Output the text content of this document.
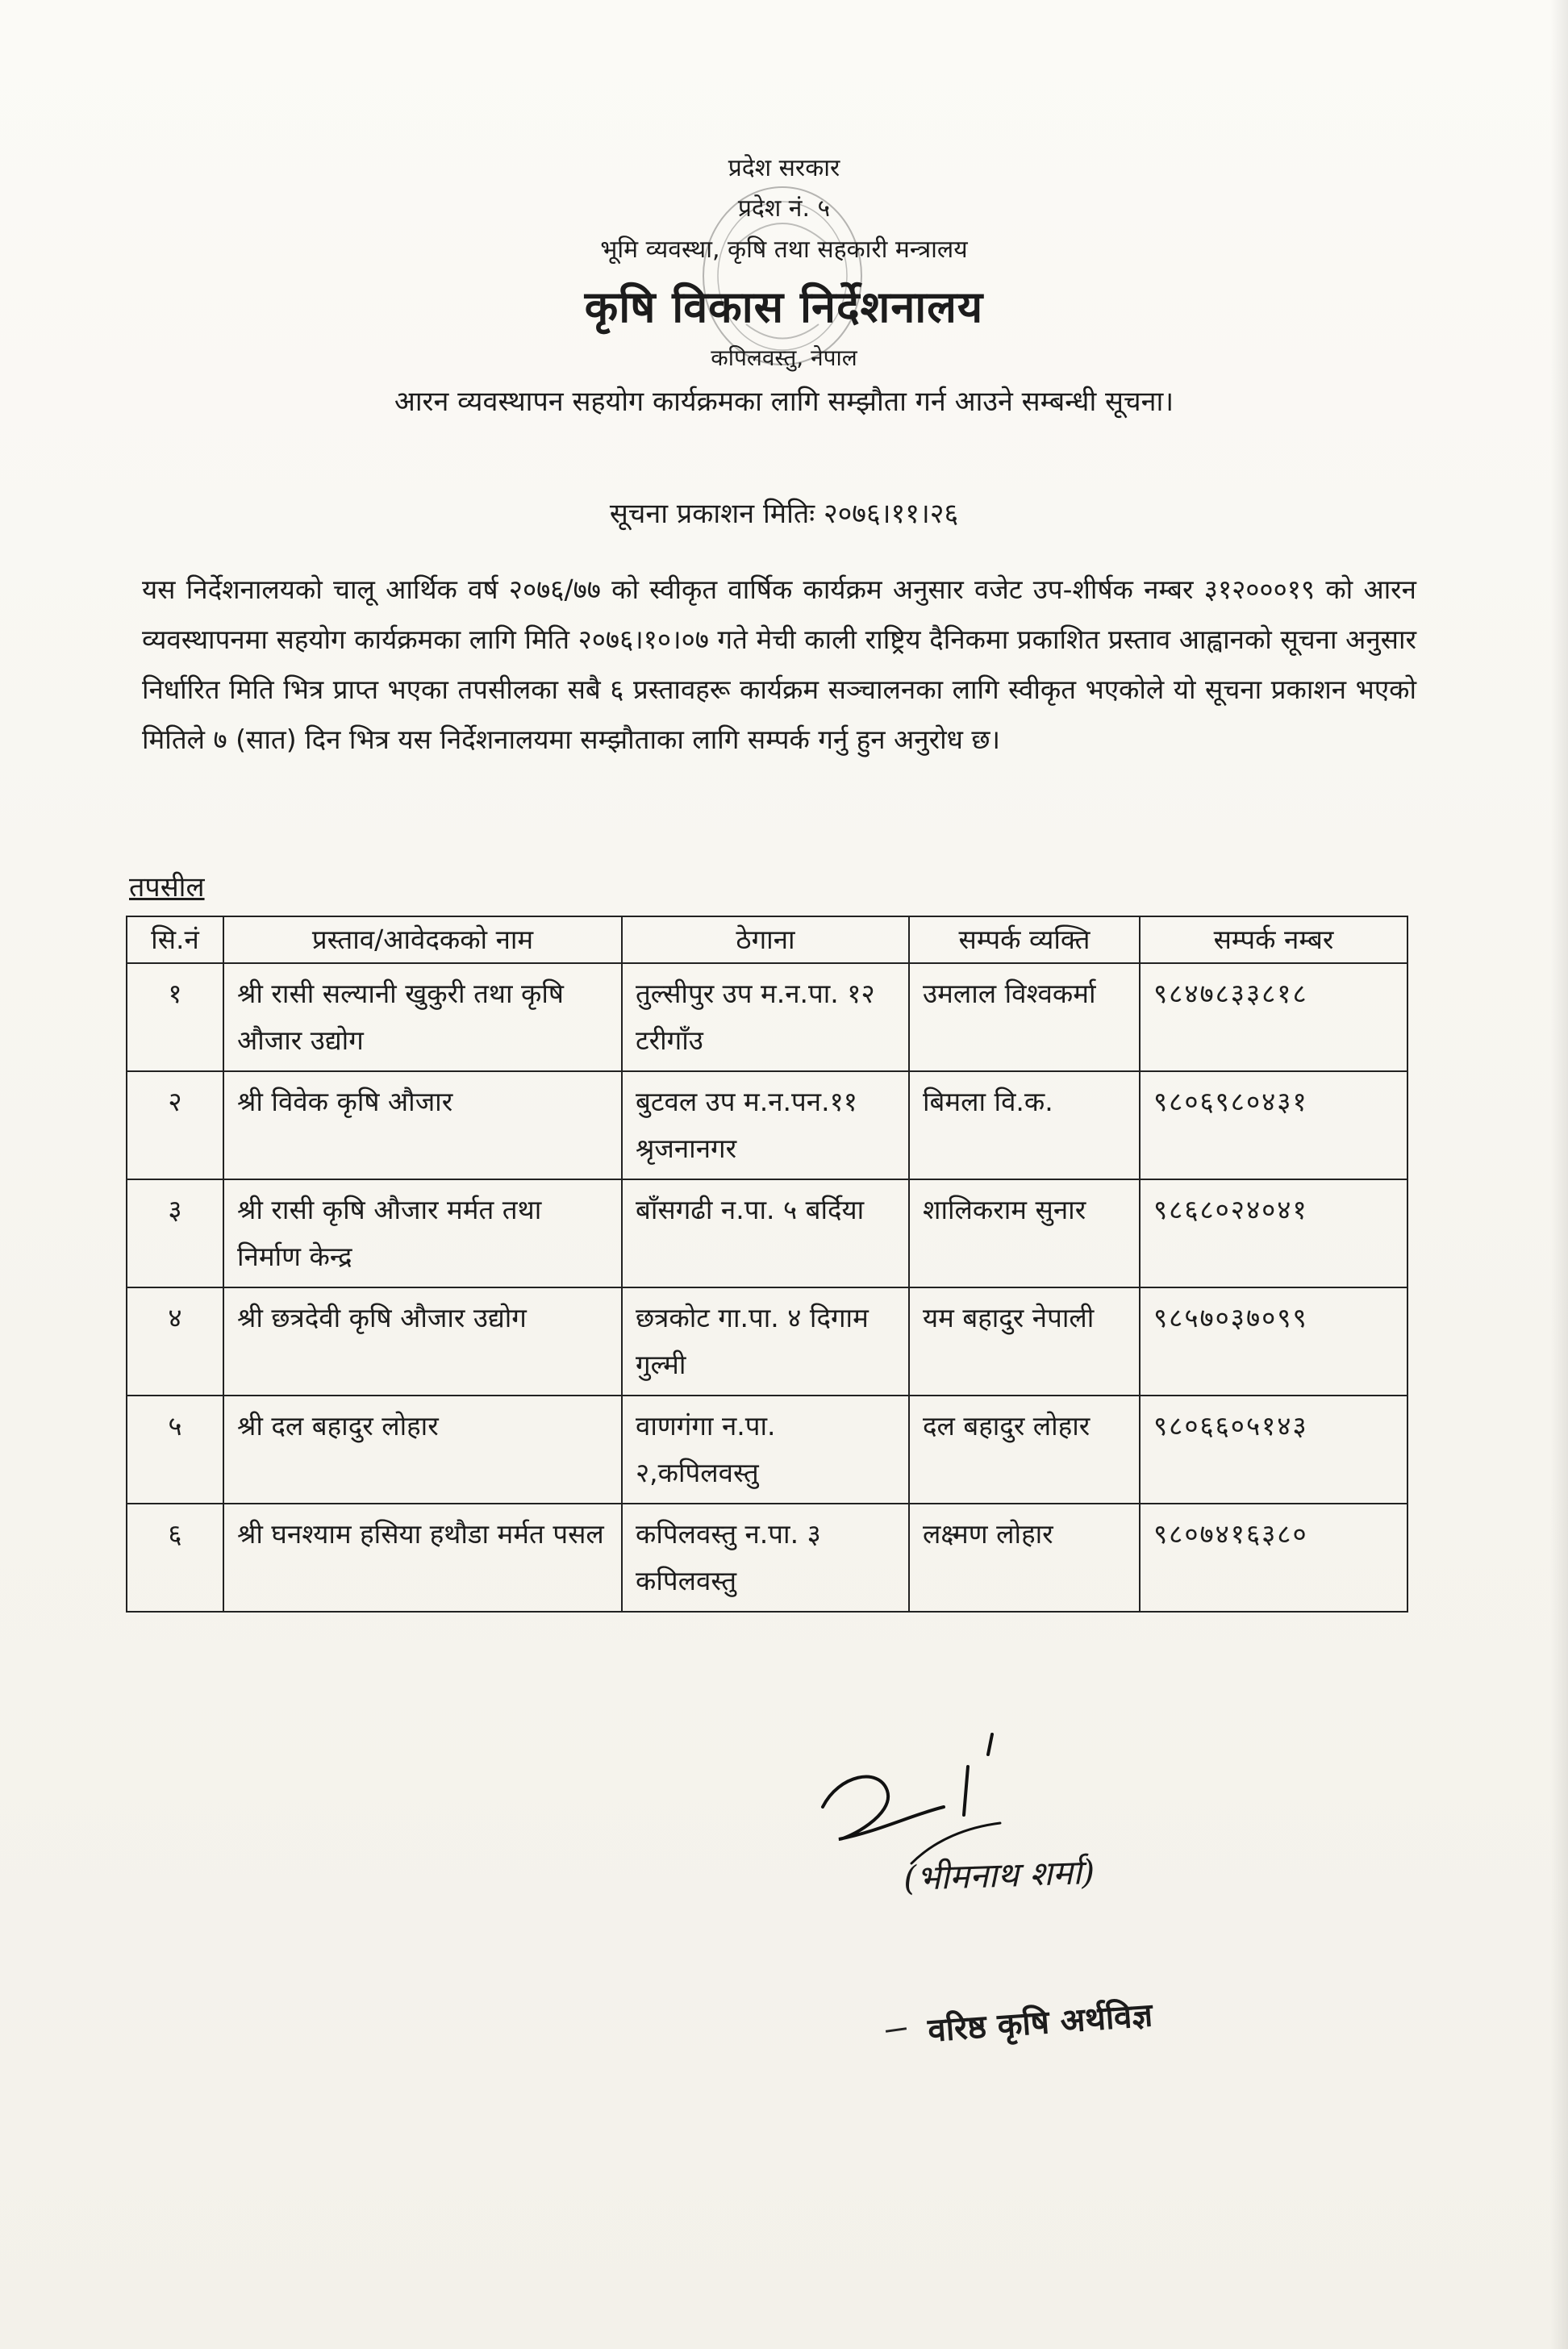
प्रदेश सरकार

प्रदेश नं. ५

भूमि व्यवस्था, कृषि तथा सहकारी मन्त्रालय

कृषि विकास निर्देशनालय

कपिलवस्तु, नेपाल

आरन व्यवस्थापन सहयोग कार्यक्रमका लागि सम्झौता गर्न आउने सम्बन्धी सूचना।

सूचना प्रकाशन मितिः २०७६।११।२६
यस निर्देशनालयको चालू आर्थिक वर्ष २०७६/७७ को स्वीकृत वार्षिक कार्यक्रम अनुसार वजेट उप-शीर्षक नम्बर ३१२०००१९ को आरन व्यवस्थापनमा सहयोग कार्यक्रमका लागि मिति २०७६।१०।०७ गते मेची काली राष्ट्रिय दैनिकमा प्रकाशित प्रस्ताव आह्वानको सूचना अनुसार निर्धारित मिति भित्र प्राप्त भएका तपसीलका सबै ६ प्रस्तावहरू कार्यक्रम सञ्चालनका लागि स्वीकृत भएकोले यो सूचना प्रकाशन भएको मितिले ७ (सात) दिन भित्र यस निर्देशनालयमा सम्झौताका लागि सम्पर्क गर्नु हुन अनुरोध छ।
तपसील
सि.नं	प्रस्ताव/आवेदकको नाम	ठेगाना	सम्पर्क व्यक्ति	सम्पर्क नम्बर
१	श्री रासी सल्यानी खुकुरी तथा कृषि औजार उद्योग	तुल्सीपुर उप म.न.पा. १२ टरीगाँउ	उमलाल विश्वकर्मा	९८४७८३३८१८
२	श्री विवेक कृषि औजार	बुटवल उप म.न.पन.११ श्रृजनानगर	बिमला वि.क.	९८०६९८०४३१
३	श्री रासी कृषि औजार मर्मत तथा निर्माण केन्द्र	बाँसगढी न.पा. ५ बर्दिया	शालिकराम सुनार	९८६८०२४०४१
४	श्री छत्रदेवी कृषि औजार उद्योग	छत्रकोट गा.पा. ४ दिगाम गुल्मी	यम बहादुर नेपाली	९८५७०३७०९९
५	श्री दल बहादुर लोहार	वाणगंगा न.पा. २,कपिलवस्तु	दल बहादुर लोहार	९८०६६०५१४३
६	श्री घनश्याम हसिया हथौडा मर्मत पसल	कपिलवस्तु न.पा. ३ कपिलवस्तु	लक्ष्मण लोहार	९८०७४१६३८०
(भीमनाथ शर्मा)
वरिष्ठ कृषि अर्थविज्ञ
